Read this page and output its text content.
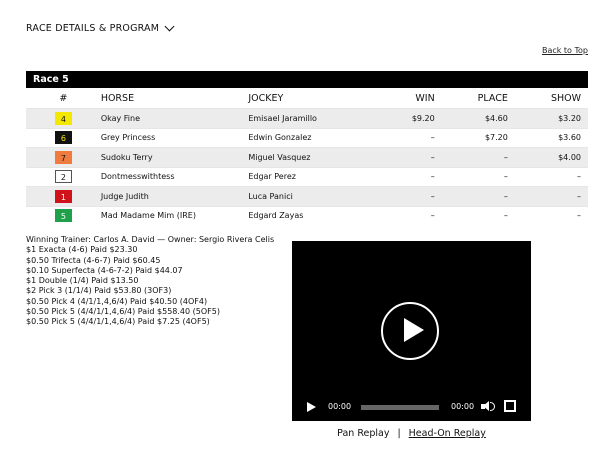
RACE DETAILS & PROGRAM
Back to Top
Race 5
#	HORSE	JOCKEY	WIN	PLACE	SHOW
4	Okay Fine	Emisael Jaramillo	$9.20	$4.60	$3.20
6	Grey Princess	Edwin Gonzalez	–	$7.20	$3.60
7	Sudoku Terry	Miguel Vasquez	–	–	$4.00
2	Dontmesswithtess	Edgar Perez	–	–	–
1	Judge Judith	Luca Panici	–	–	–
5	Mad Madame Mim (IRE)	Edgard Zayas	–	–	–
Winning Trainer: Carlos A. David — Owner: Sergio Rivera Celis
$1 Exacta (4-6) Paid $23.30
$0.50 Trifecta (4-6-7) Paid $60.45
$0.10 Superfecta (4-6-7-2) Paid $44.07
$1 Double (1/4) Paid $13.50
$2 Pick 3 (1/1/4) Paid $53.80 (3OF3)
$0.50 Pick 4 (4/1/1,4,6/4) Paid $40.50 (4OF4)
$0.50 Pick 5 (4/4/1/1,4,6/4) Paid $558.40 (5OF5)
$0.50 Pick 5 (4/4/1/1,4,6/4) Paid $7.25 (4OF5)
00:00	00:00
Pan Replay | Head-On Replay
